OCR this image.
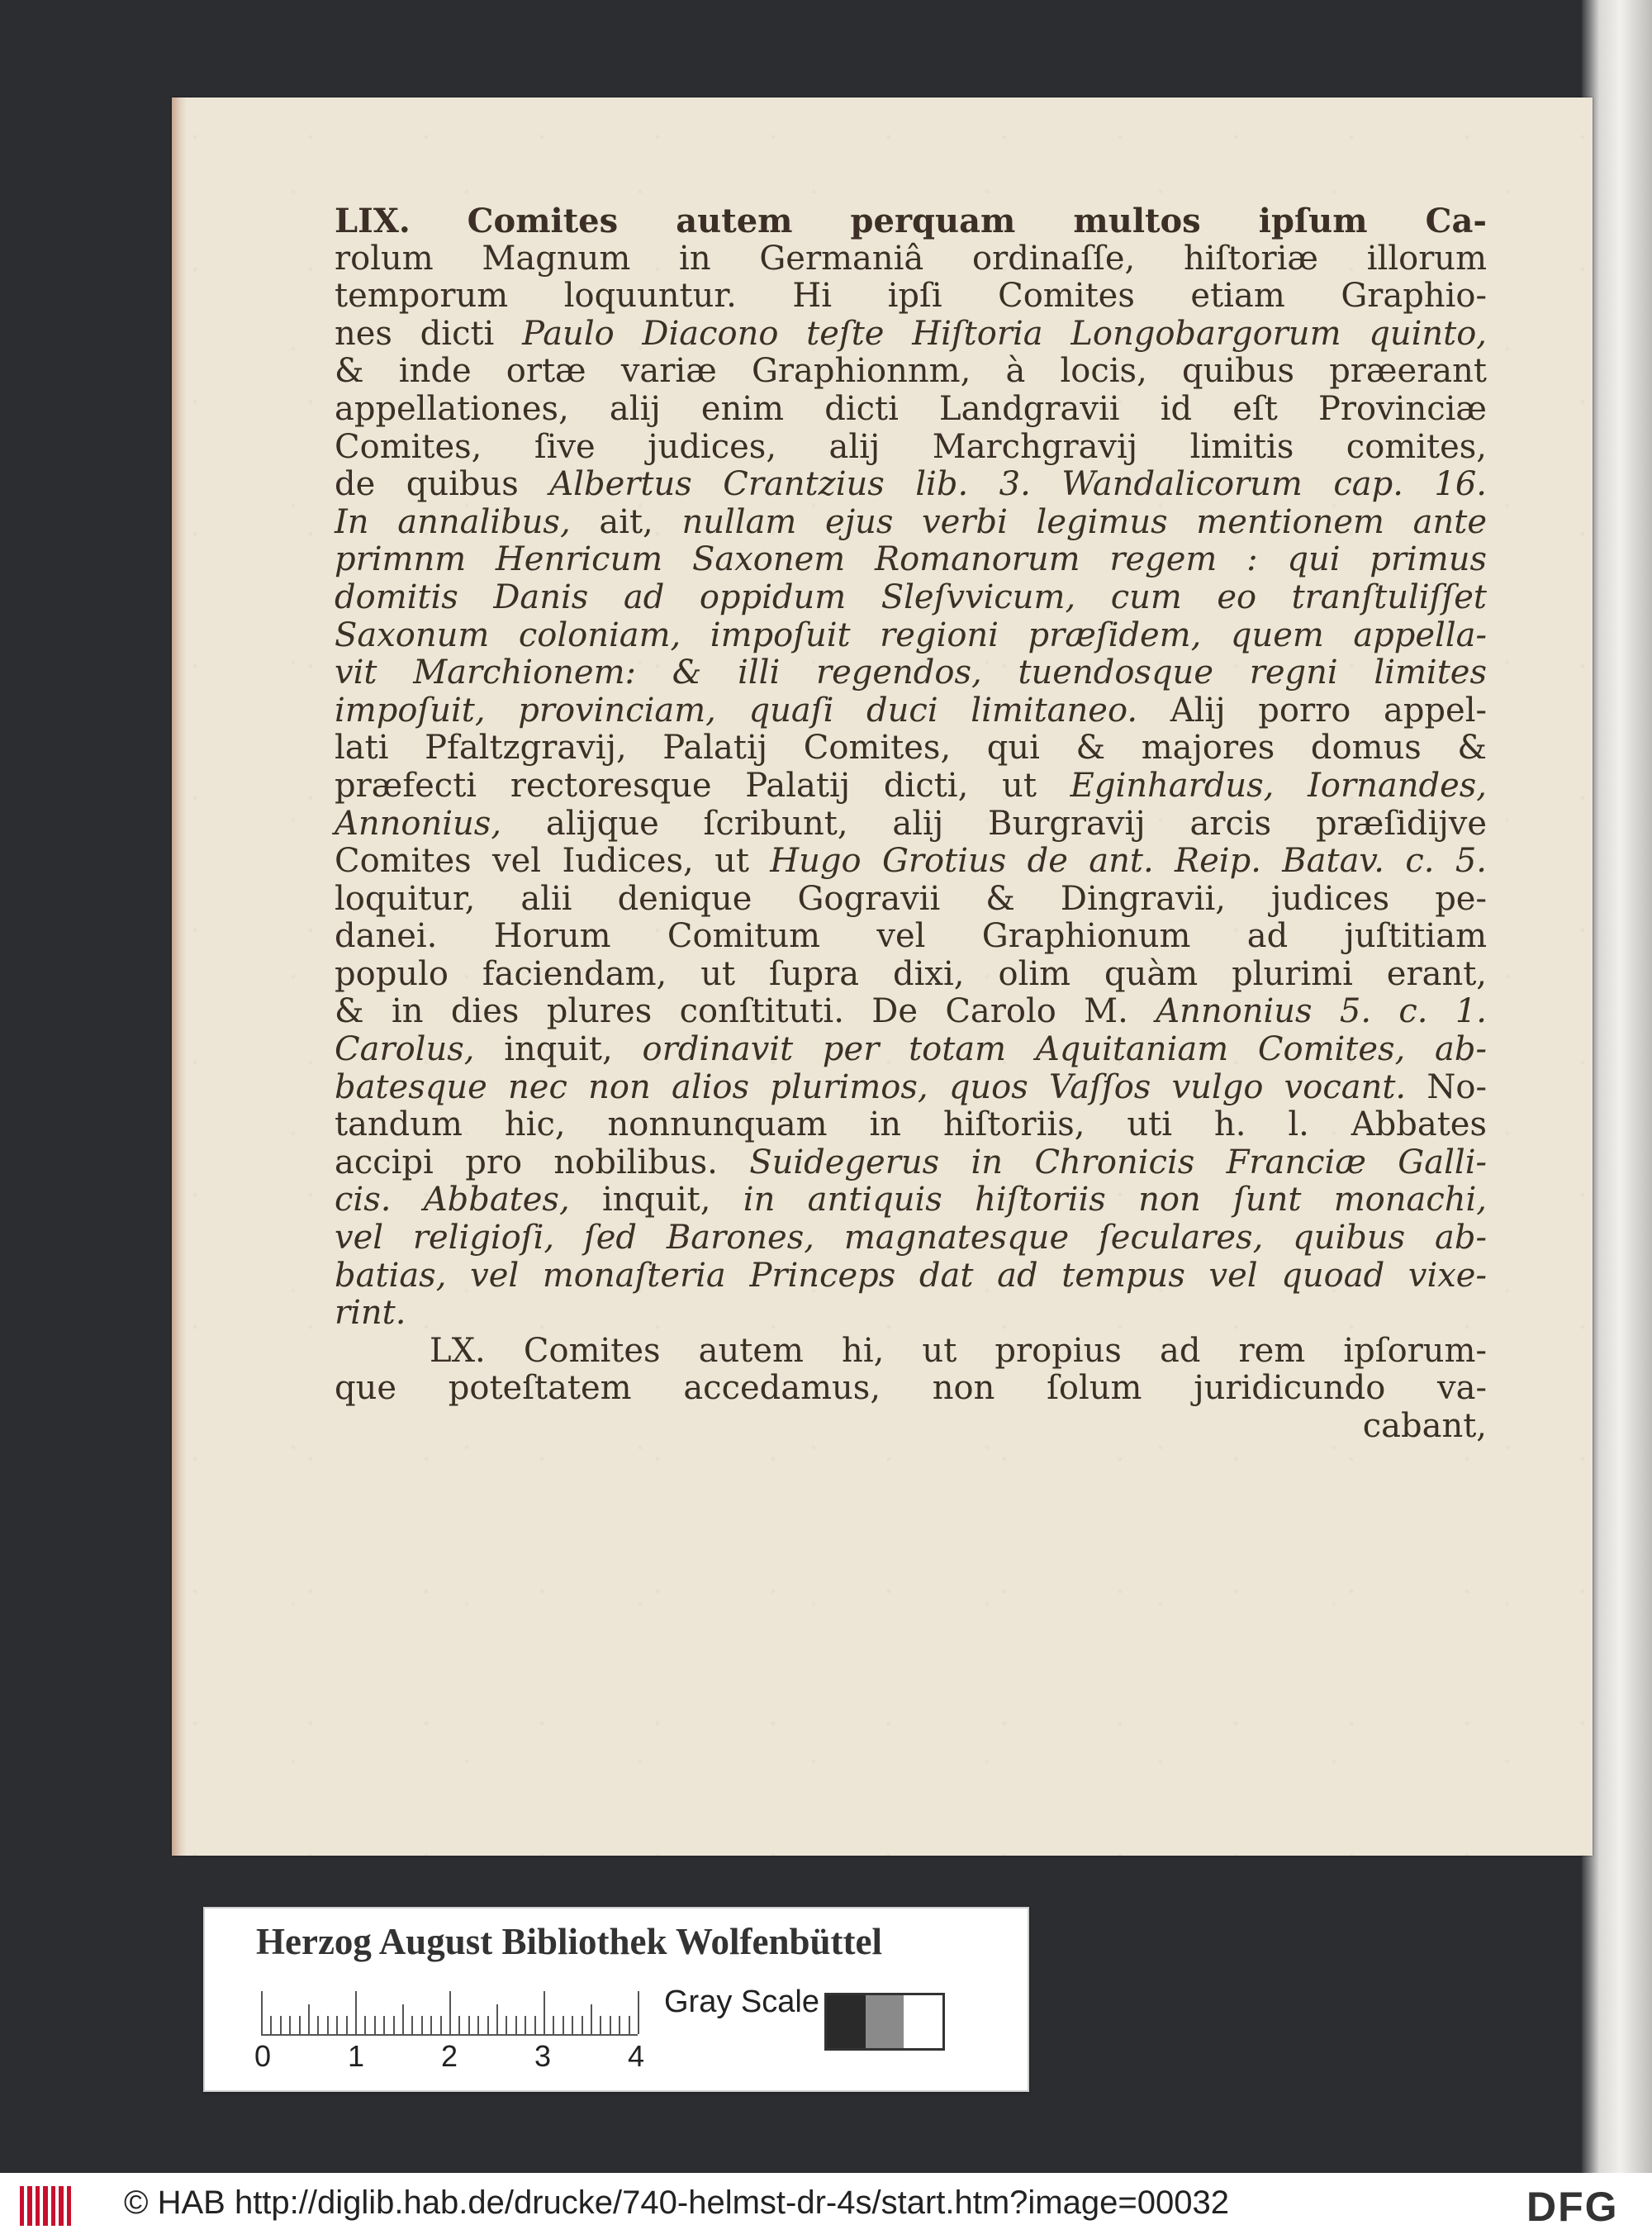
LIX. Comites autem perquam multos ipſum Ca-
rolum Magnum in Germaniâ ordinaſſe, hiſtoriæ illorum
temporum loquuntur. Hi ipſi Comites etiam Graphio-
nes dicti Paulo Diacono teſte Hiſtoria Longobargorum quinto,
& inde ortæ variæ Graphionnm, à locis, quibus præerant
appellationes, alij enim dicti Landgravii id eſt Provinciæ
Comites, ſive judices, alij Marchgravij limitis comites,
de quibus Albertus Crantzius lib. 3. Wandalicorum cap. 16.
In annalibus, ait, nullam ejus verbi legimus mentionem ante
primnm Henricum Saxonem Romanorum regem : qui primus
domitis Danis ad oppidum Sleſvvicum, cum eo tranſtuliſſet
Saxonum coloniam, impoſuit regioni præſidem, quem appella-
vit Marchionem: & illi regendos, tuendosque regni limites
impoſuit, provinciam, quaſi duci limitaneo. Alij porro appel-
lati Pfaltzgravij, Palatij Comites, qui & majores domus &
præfecti rectoresque Palatij dicti, ut Eginhardus, Iornandes,
Annonius, alijque ſcribunt, alij Burgravij arcis præſidijve
Comites vel Iudices, ut Hugo Grotius de ant. Reip. Batav. c. 5.
loquitur, alii denique Gogravii & Dingravii, judices pe-
danei. Horum Comitum vel Graphionum ad juſtitiam
populo faciendam, ut ſupra dixi, olim quàm plurimi erant,
& in dies plures conſtituti. De Carolo M. Annonius 5. c. 1.
Carolus, inquit, ordinavit per totam Aquitaniam Comites, ab-
batesque nec non alios plurimos, quos Vaſſos vulgo vocant. No-
tandum hic, nonnunquam in hiſtoriis, uti h. l. Abbates
accipi pro nobilibus. Suidegerus in Chronicis Franciæ Galli-
cis. Abbates, inquit, in antiquis hiſtoriis non ſunt monachi,
vel religioſi, ſed Barones, magnatesque ſeculares, quibus ab-
batias, vel monaſteria Princeps dat ad tempus vel quoad vixe-
rint.
LX. Comites autem hi, ut propius ad rem ipſorum-
que poteſtatem accedamus, non ſolum juridicundo va-
cabant,
Herzog August Bibliothek Wolfenbüttel
0	1	2	3	4
Gray Scale
© HAB http://diglib.hab.de/drucke/740-helmst-dr-4s/start.htm?image=00032	DFG
